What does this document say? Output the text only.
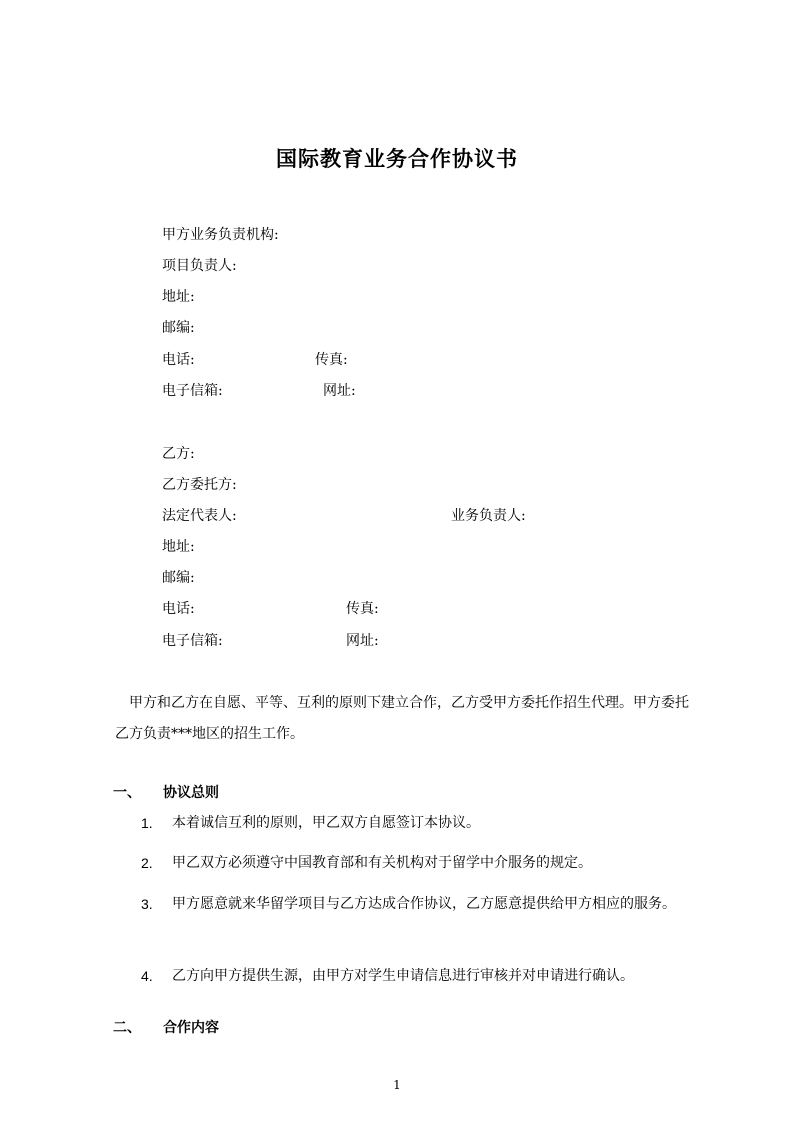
国际教育业务合作协议书
甲方业务负责机构:
项目负责人:
地址:
邮编:
电话:	传真:
电子信箱:	网址:
乙方:
乙方委托方:
法定代表人:	业务负责人:
地址:
邮编:
电话:	传真:
电子信箱:	网址:
甲方和乙方在自愿、平等、互利的原则下建立合作，乙方受甲方委托作招生代理。甲方委托乙方负责***地区的招生工作。
一、 协议总则
1. 本着诚信互利的原则，甲乙双方自愿签订本协议。
2. 甲乙双方必须遵守中国教育部和有关机构对于留学中介服务的规定。
3. 甲方愿意就来华留学项目与乙方达成合作协议，乙方愿意提供给甲方相应的服务。
4. 乙方向甲方提供生源，由甲方对学生申请信息进行审核并对申请进行确认。
二、 合作内容
1
